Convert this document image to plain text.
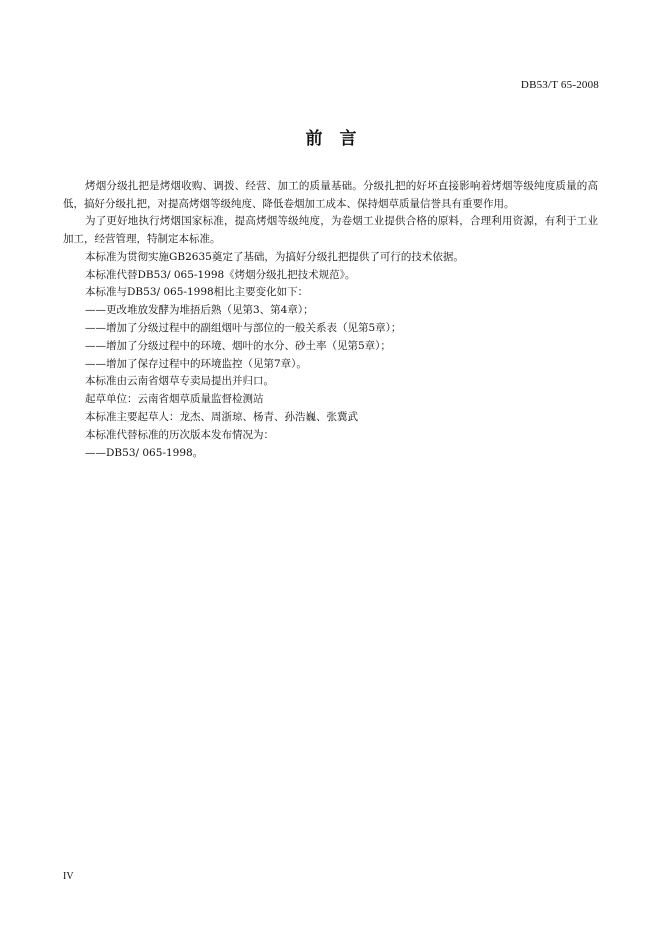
DB53/T 65-2008
前　言

烤烟分级扎把是烤烟收购、调拨、经营、加工的质量基础。分级扎把的好坏直接影响着烤烟等级纯度质量的高低，搞好分级扎把，对提高烤烟等级纯度、降低卷烟加工成本、保持烟草质量信誉具有重要作用。

为了更好地执行烤烟国家标准，提高烤烟等级纯度，为卷烟工业提供合格的原料，合理利用资源，有利于工业加工，经营管理，特制定本标准。

本标准为贯彻实施GB2635奠定了基础，为搞好分级扎把提供了可行的技术依据。

本标准代替DB53/ 065-1998《烤烟分级扎把技术规范》。

本标准与DB53/ 065-1998相比主要变化如下：

——更改堆放发酵为堆捂后熟（见第3、第4章）；

——增加了分级过程中的副组烟叶与部位的一般关系表（见第5章）；

——增加了分级过程中的环境、烟叶的水分、砂土率（见第5章）；

——增加了保存过程中的环境监控（见第7章）。

本标准由云南省烟草专卖局提出并归口。

起草单位：云南省烟草质量监督检测站

本标准主要起草人：龙杰、周浙琼、杨青、孙浩巍、张冀武

本标准代替标准的历次版本发布情况为：

——DB53/ 065-1998。

IV
